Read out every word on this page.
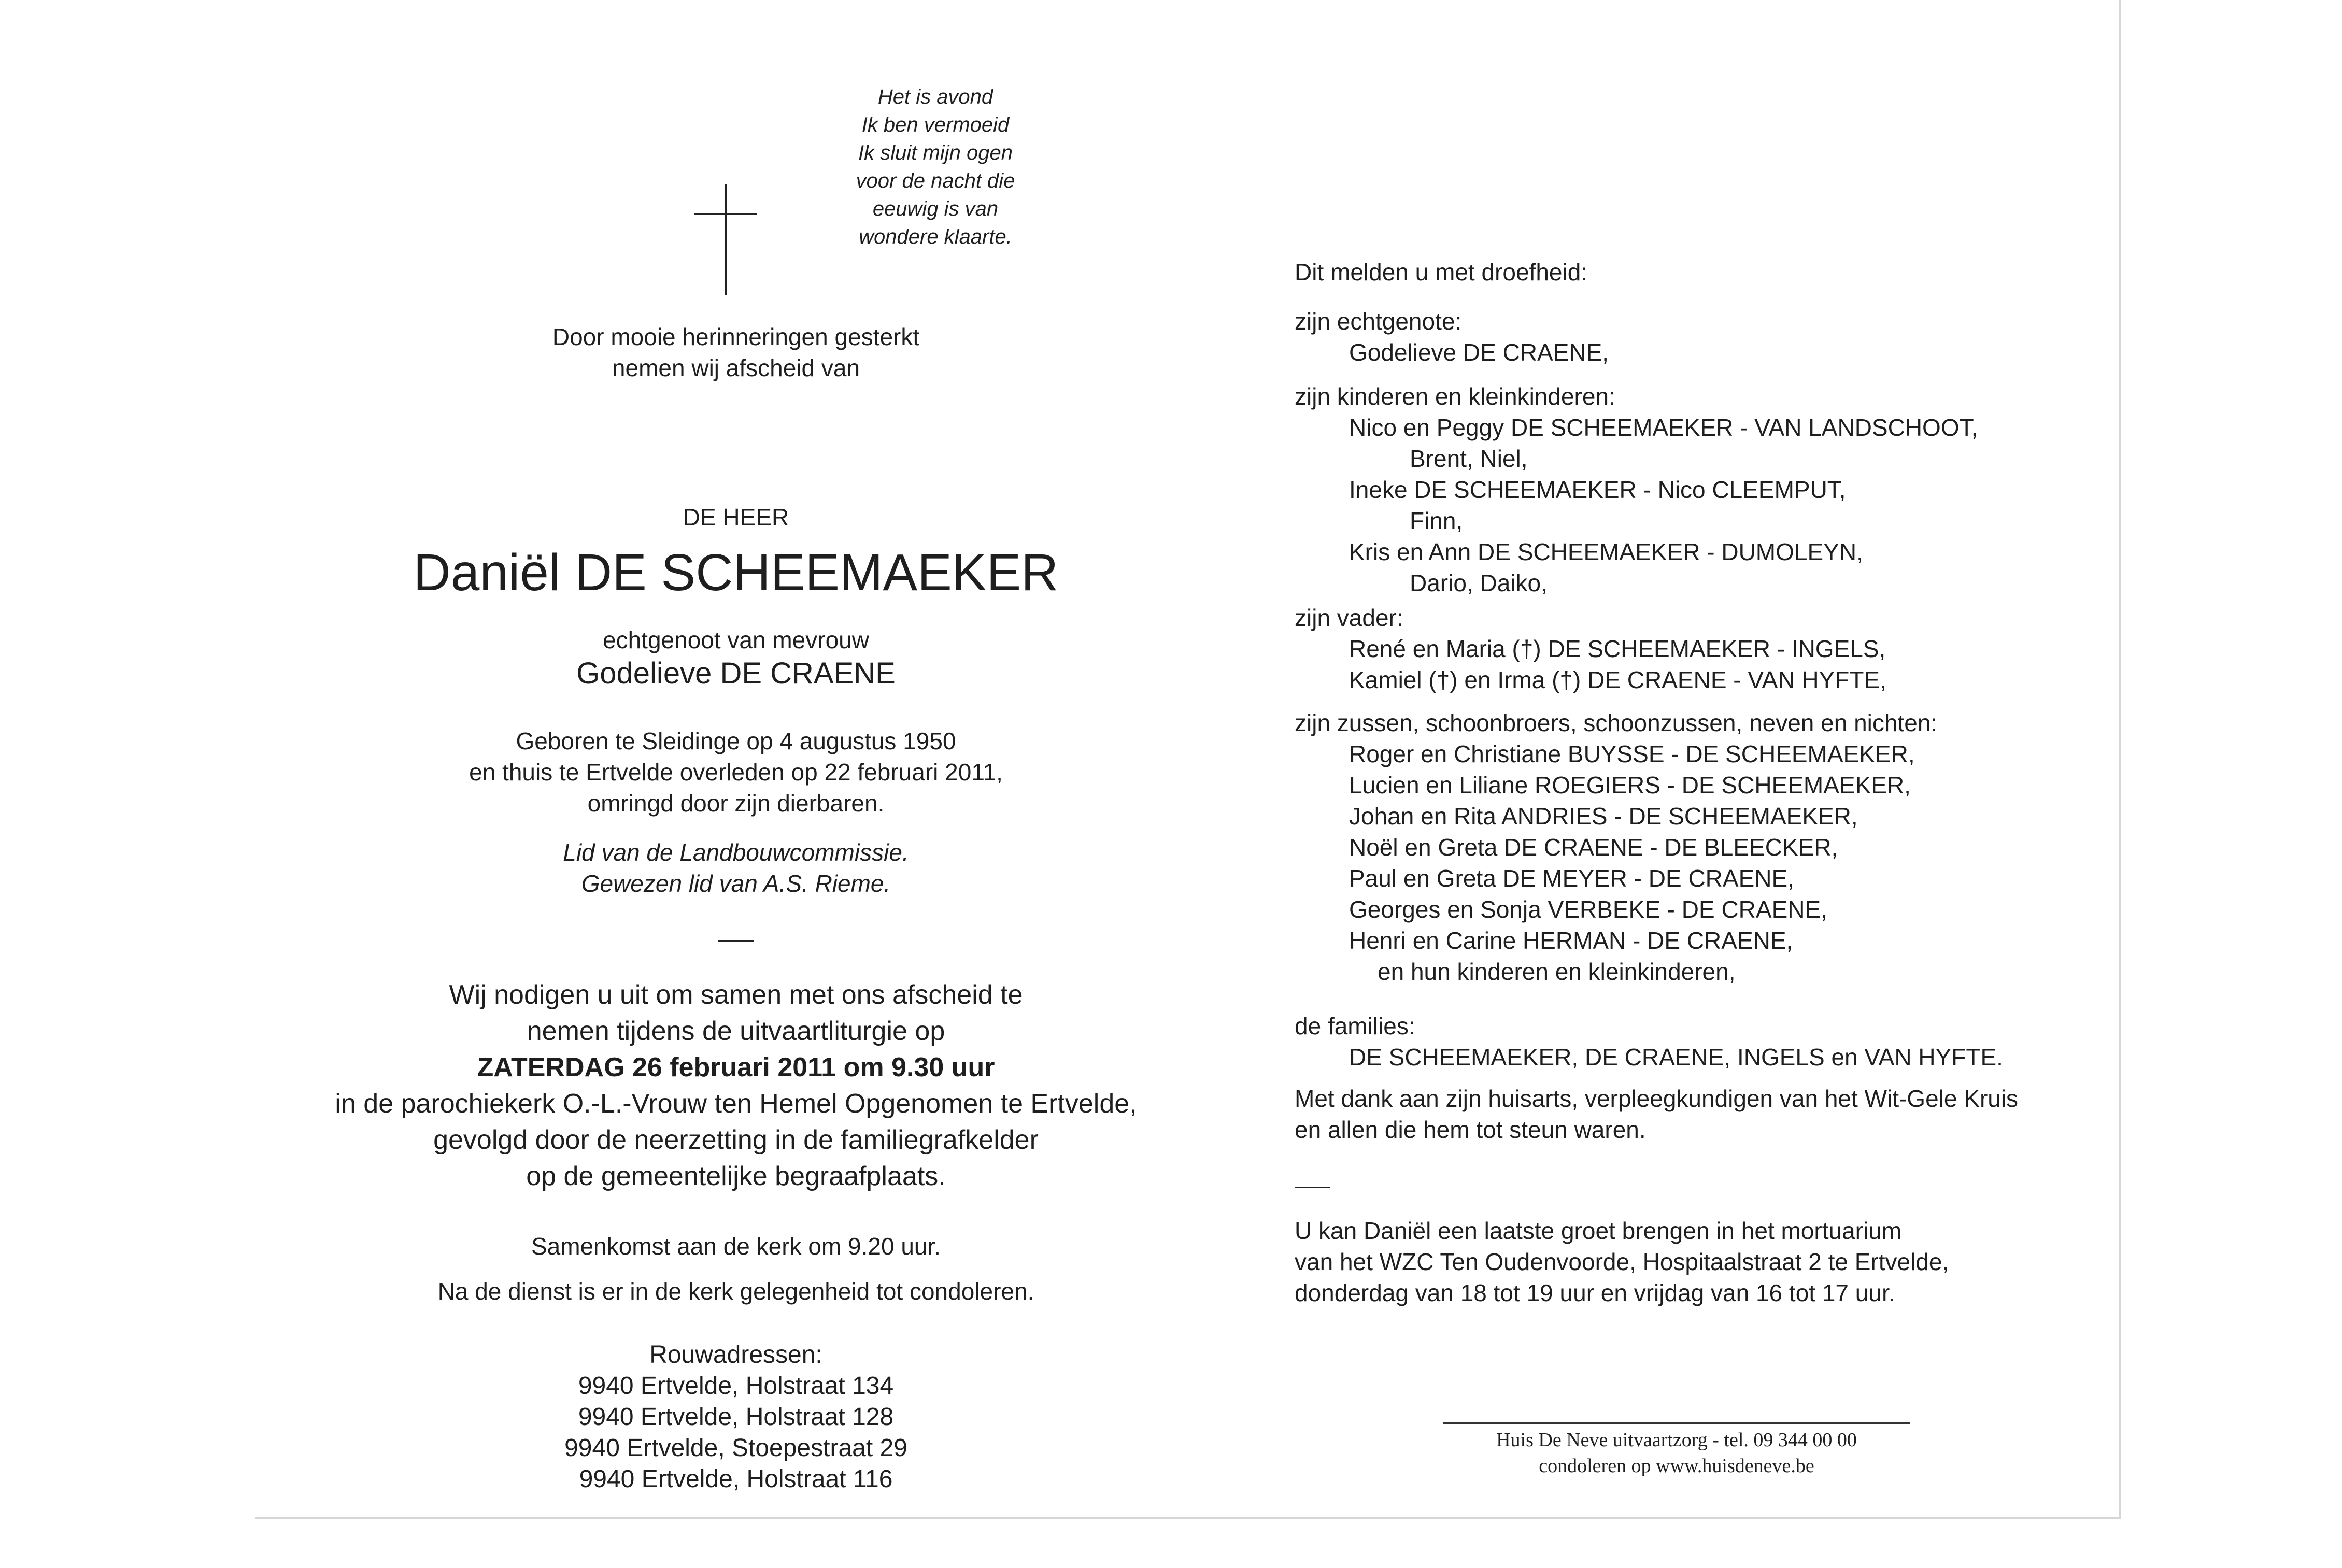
Het is avond
Ik ben vermoeid
Ik sluit mijn ogen
voor de nacht die
eeuwig is van
wondere klaarte.
Door mooie herinneringen gesterkt
nemen wij afscheid van
DE HEER
Daniël DE SCHEEMAEKER
echtgenoot van mevrouw
Godelieve DE CRAENE
Geboren te Sleidinge op 4 augustus 1950
en thuis te Ertvelde overleden op 22 februari 2011,
omringd door zijn dierbaren.
Lid van de Landbouwcommissie.
Gewezen lid van A.S. Rieme.
Wij nodigen u uit om samen met ons afscheid te
nemen tijdens de uitvaartliturgie op
ZATERDAG 26 februari 2011 om 9.30 uur
in de parochiekerk O.-L.-Vrouw ten Hemel Opgenomen te Ertvelde,
gevolgd door de neerzetting in de familiegrafkelder
op de gemeentelijke begraafplaats.
Samenkomst aan de kerk om 9.20 uur.
Na de dienst is er in de kerk gelegenheid tot condoleren.
Rouwadressen:
9940 Ertvelde, Holstraat 134
9940 Ertvelde, Holstraat 128
9940 Ertvelde, Stoepestraat 29
9940 Ertvelde, Holstraat 116
Dit melden u met droefheid:
zijn echtgenote:
Godelieve DE CRAENE,
zijn kinderen en kleinkinderen:
Nico en Peggy DE SCHEEMAEKER - VAN LANDSCHOOT,
Brent, Niel,
Ineke DE SCHEEMAEKER - Nico CLEEMPUT,
Finn,
Kris en Ann DE SCHEEMAEKER - DUMOLEYN,
Dario, Daiko,
zijn vader:
René en Maria (†) DE SCHEEMAEKER - INGELS,
Kamiel (†) en Irma (†) DE CRAENE - VAN HYFTE,
zijn zussen, schoonbroers, schoonzussen, neven en nichten:
Roger en Christiane BUYSSE - DE SCHEEMAEKER,
Lucien en Liliane ROEGIERS - DE SCHEEMAEKER,
Johan en Rita ANDRIES - DE SCHEEMAEKER,
Noël en Greta DE CRAENE - DE BLEECKER,
Paul en Greta DE MEYER - DE CRAENE,
Georges en Sonja VERBEKE - DE CRAENE,
Henri en Carine HERMAN - DE CRAENE,
en hun kinderen en kleinkinderen,
de families:
DE SCHEEMAEKER, DE CRAENE, INGELS en VAN HYFTE.
Met dank aan zijn huisarts, verpleegkundigen van het Wit-Gele Kruis
en allen die hem tot steun waren.
U kan Daniël een laatste groet brengen in het mortuarium
van het WZC Ten Oudenvoorde, Hospitaalstraat 2 te Ertvelde,
donderdag van 18 tot 19 uur en vrijdag van 16 tot 17 uur.
Huis De Neve uitvaartzorg - tel. 09 344 00 00
condoleren op www.huisdeneve.be
